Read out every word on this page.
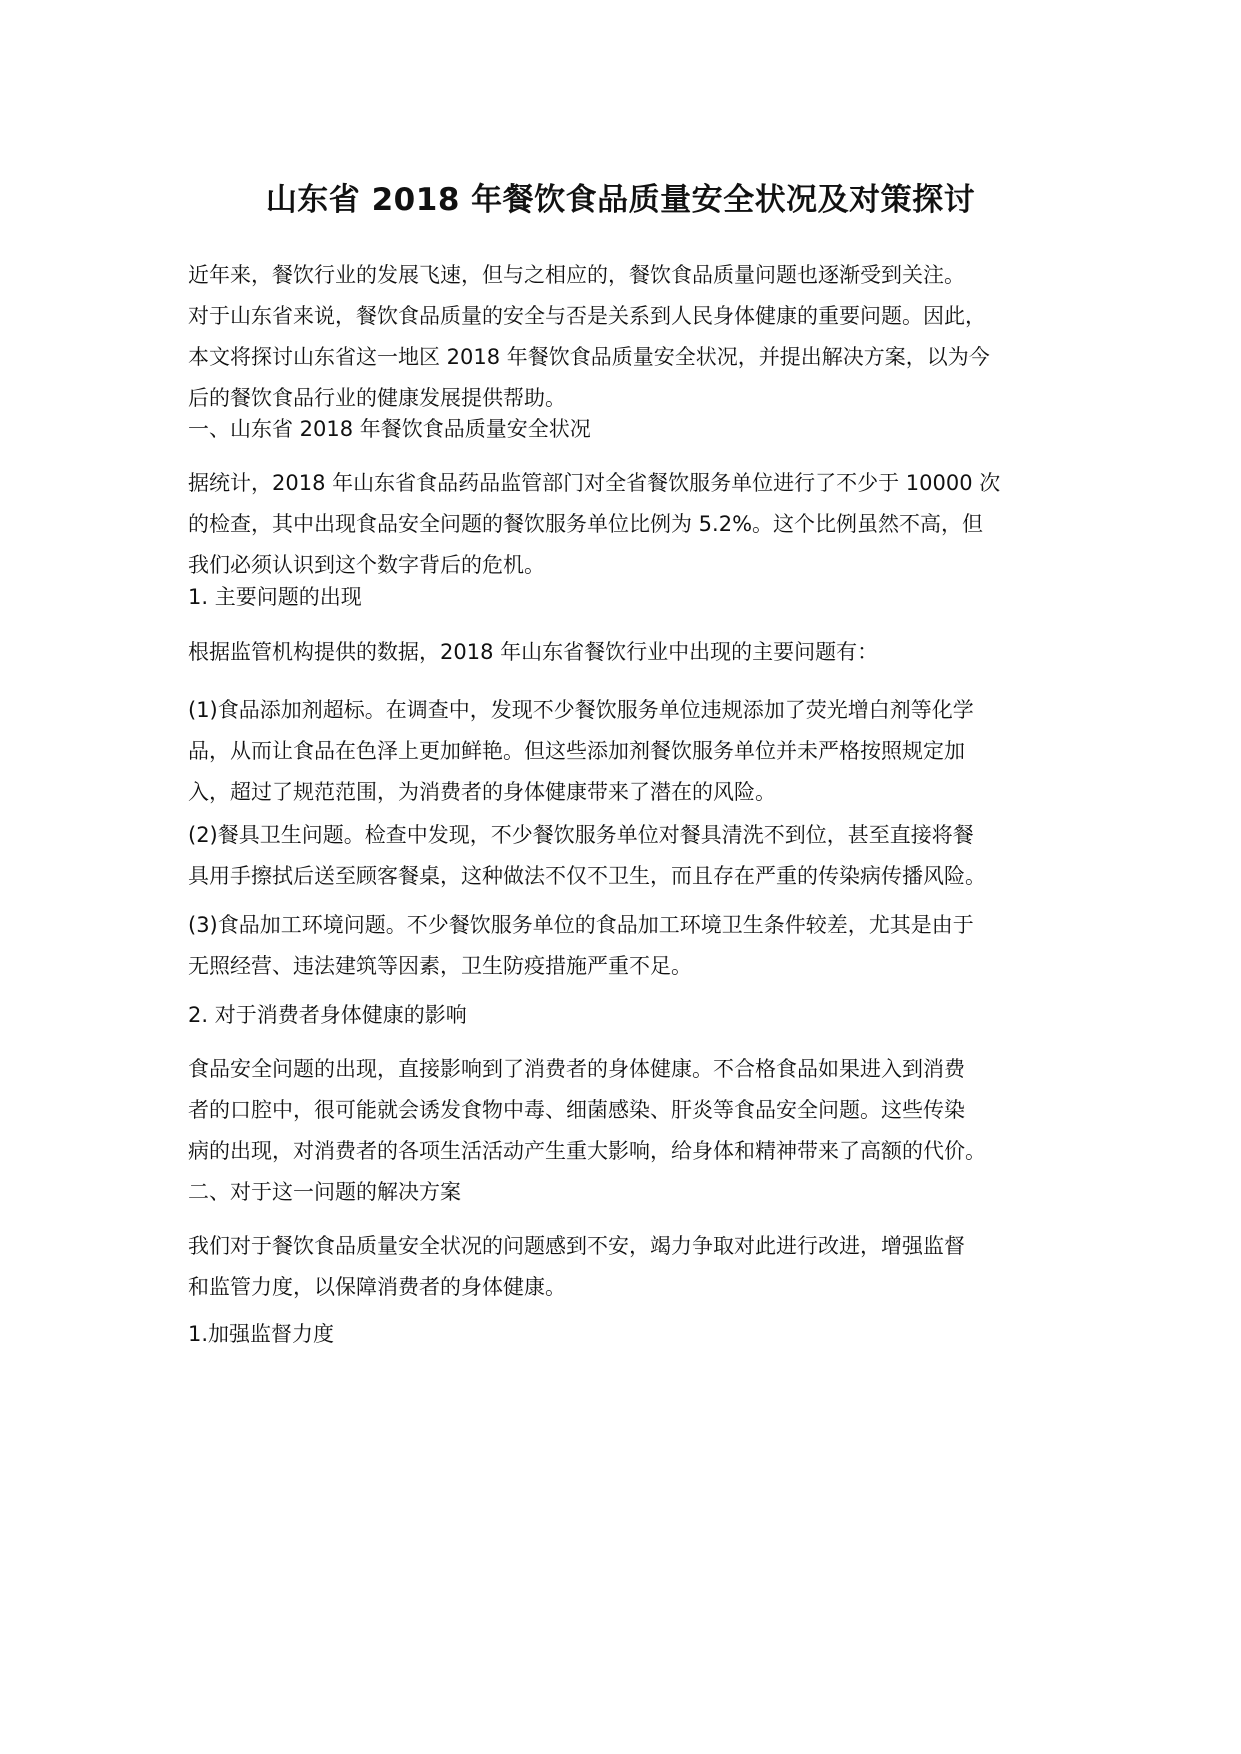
山东省 2018 年餐饮食品质量安全状况及对策探讨
近年来，餐饮行业的发展飞速，但与之相应的，餐饮食品质量问题也逐渐受到关注。
对于山东省来说，餐饮食品质量的安全与否是关系到人民身体健康的重要问题。因此，
本文将探讨山东省这一地区 2018 年餐饮食品质量安全状况，并提出解决方案，以为今
后的餐饮食品行业的健康发展提供帮助。
一、山东省 2018 年餐饮食品质量安全状况
据统计，2018 年山东省食品药品监管部门对全省餐饮服务单位进行了不少于 10000 次
的检查，其中出现食品安全问题的餐饮服务单位比例为 5.2%。这个比例虽然不高，但
我们必须认识到这个数字背后的危机。
1. 主要问题的出现
根据监管机构提供的数据，2018 年山东省餐饮行业中出现的主要问题有：
(1)食品添加剂超标。在调查中，发现不少餐饮服务单位违规添加了荧光增白剂等化学
品，从而让食品在色泽上更加鲜艳。但这些添加剂餐饮服务单位并未严格按照规定加
入，超过了规范范围，为消费者的身体健康带来了潜在的风险。
(2)餐具卫生问题。检查中发现，不少餐饮服务单位对餐具清洗不到位，甚至直接将餐
具用手擦拭后送至顾客餐桌，这种做法不仅不卫生，而且存在严重的传染病传播风险。
(3)食品加工环境问题。不少餐饮服务单位的食品加工环境卫生条件较差，尤其是由于
无照经营、违法建筑等因素，卫生防疫措施严重不足。
2. 对于消费者身体健康的影响
食品安全问题的出现，直接影响到了消费者的身体健康。不合格食品如果进入到消费
者的口腔中，很可能就会诱发食物中毒、细菌感染、肝炎等食品安全问题。这些传染
病的出现，对消费者的各项生活活动产生重大影响，给身体和精神带来了高额的代价。
二、对于这一问题的解决方案
我们对于餐饮食品质量安全状况的问题感到不安，竭力争取对此进行改进，增强监督
和监管力度，以保障消费者的身体健康。
1.加强监督力度
